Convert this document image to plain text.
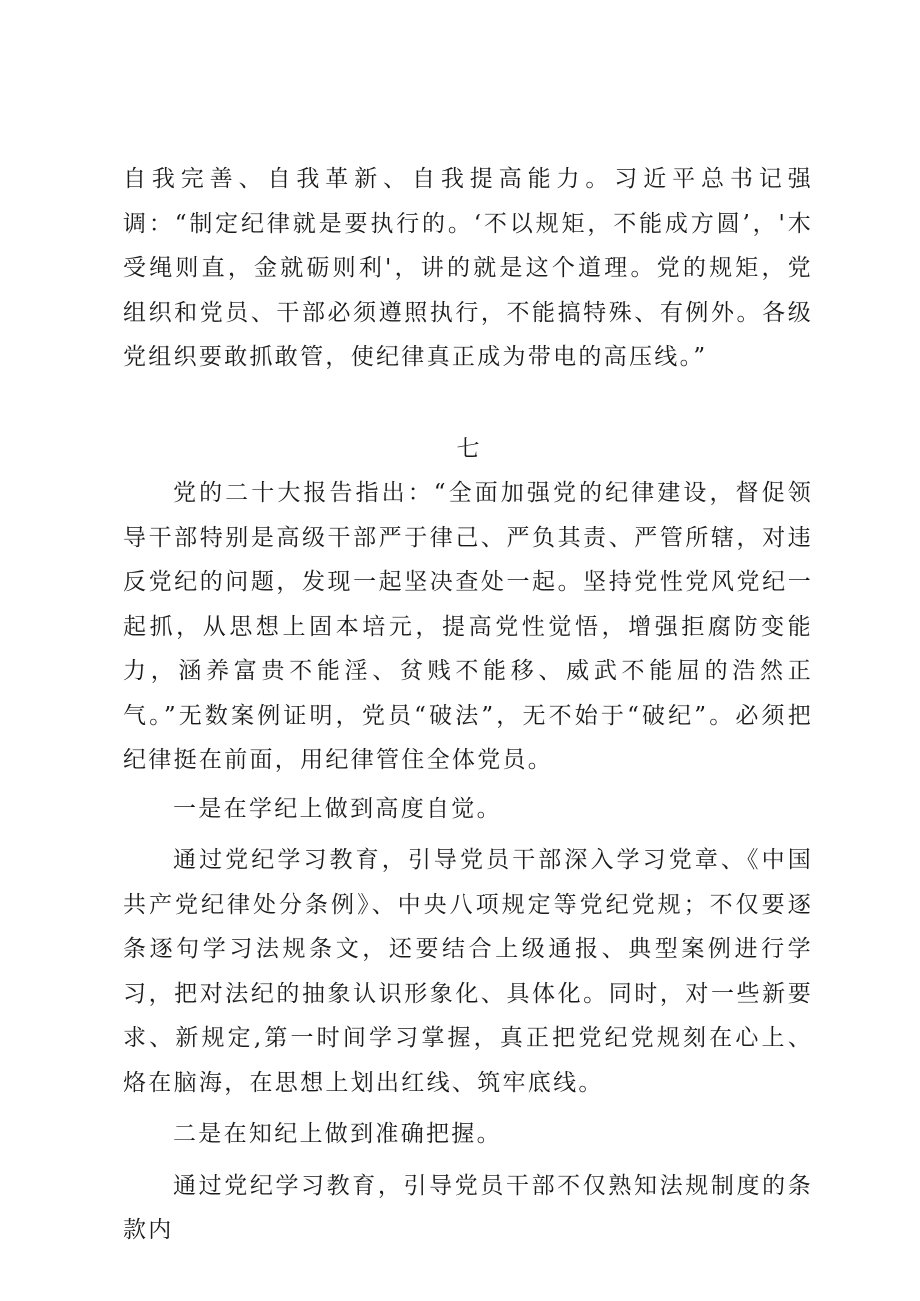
自我完善、自我革新、自我提高能力。习近平总书记强调：“制定纪律就是要执行的。‘不以规矩，不能成方圆’，'木受绳则直，金就砺则利'，讲的就是这个道理。党的规矩，党组织和党员、干部必须遵照执行，不能搞特殊、有例外。各级党组织要敢抓敢管，使纪律真正成为带电的高压线。”

七

党的二十大报告指出：“全面加强党的纪律建设，督促领导干部特别是高级干部严于律己、严负其责、严管所辖，对违反党纪的问题，发现一起坚决查处一起。坚持党性党风党纪一起抓，从思想上固本培元，提高党性觉悟，增强拒腐防变能力，涵养富贵不能淫、贫贱不能移、威武不能屈的浩然正气。”无数案例证明，党员“破法”，无不始于“破纪”。必须把纪律挺在前面，用纪律管住全体党员。

一是在学纪上做到高度自觉。

通过党纪学习教育，引导党员干部深入学习党章、《中国共产党纪律处分条例》、中央八项规定等党纪党规；不仅要逐条逐句学习法规条文，还要结合上级通报、典型案例进行学习，把对法纪的抽象认识形象化、具体化。同时，对一些新要求、新规定,第一时间学习掌握，真正把党纪党规刻在心上、烙在脑海，在思想上划出红线、筑牢底线。

二是在知纪上做到准确把握。

通过党纪学习教育，引导党员干部不仅熟知法规制度的条款内
